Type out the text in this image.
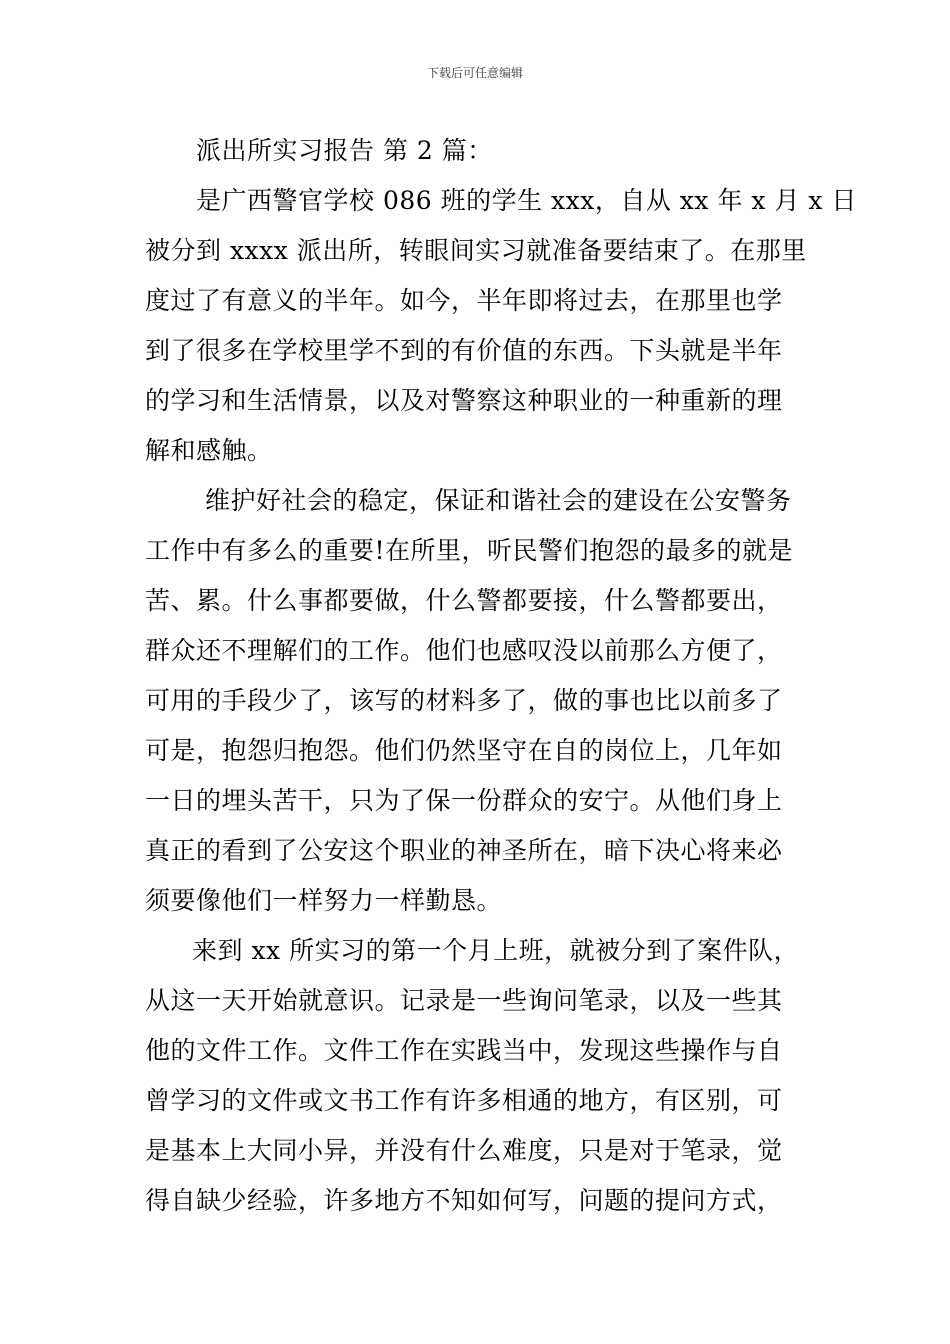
下载后可任意编辑
派出所实习报告 第 2 篇：
是广西警官学校 086 班的学生 xxx，自从 xx 年 x 月 x 日
被分到 xxxx 派出所，转眼间实习就准备要结束了。在那里
度过了有意义的半年。如今，半年即将过去，在那里也学
到了很多在学校里学不到的有价值的东西。下头就是半年
的学习和生活情景，以及对警察这种职业的一种重新的理
解和感触。
维护好社会的稳定，保证和谐社会的建设在公安警务
工作中有多么的重要!在所里，听民警们抱怨的最多的就是
苦、累。什么事都要做，什么警都要接，什么警都要出，
群众还不理解们的工作。他们也感叹没以前那么方便了，
可用的手段少了，该写的材料多了，做的事也比以前多了
可是，抱怨归抱怨。他们仍然坚守在自的岗位上，几年如
一日的埋头苦干，只为了保一份群众的安宁。从他们身上
真正的看到了公安这个职业的神圣所在，暗下决心将来必
须要像他们一样努力一样勤恳。
来到 xx 所实习的第一个月上班，就被分到了案件队，
从这一天开始就意识。记录是一些询问笔录，以及一些其
他的文件工作。文件工作在实践当中，发现这些操作与自
曾学习的文件或文书工作有许多相通的地方，有区别，可
是基本上大同小异，并没有什么难度，只是对于笔录，觉
得自缺少经验，许多地方不知如何写，问题的提问方式，
